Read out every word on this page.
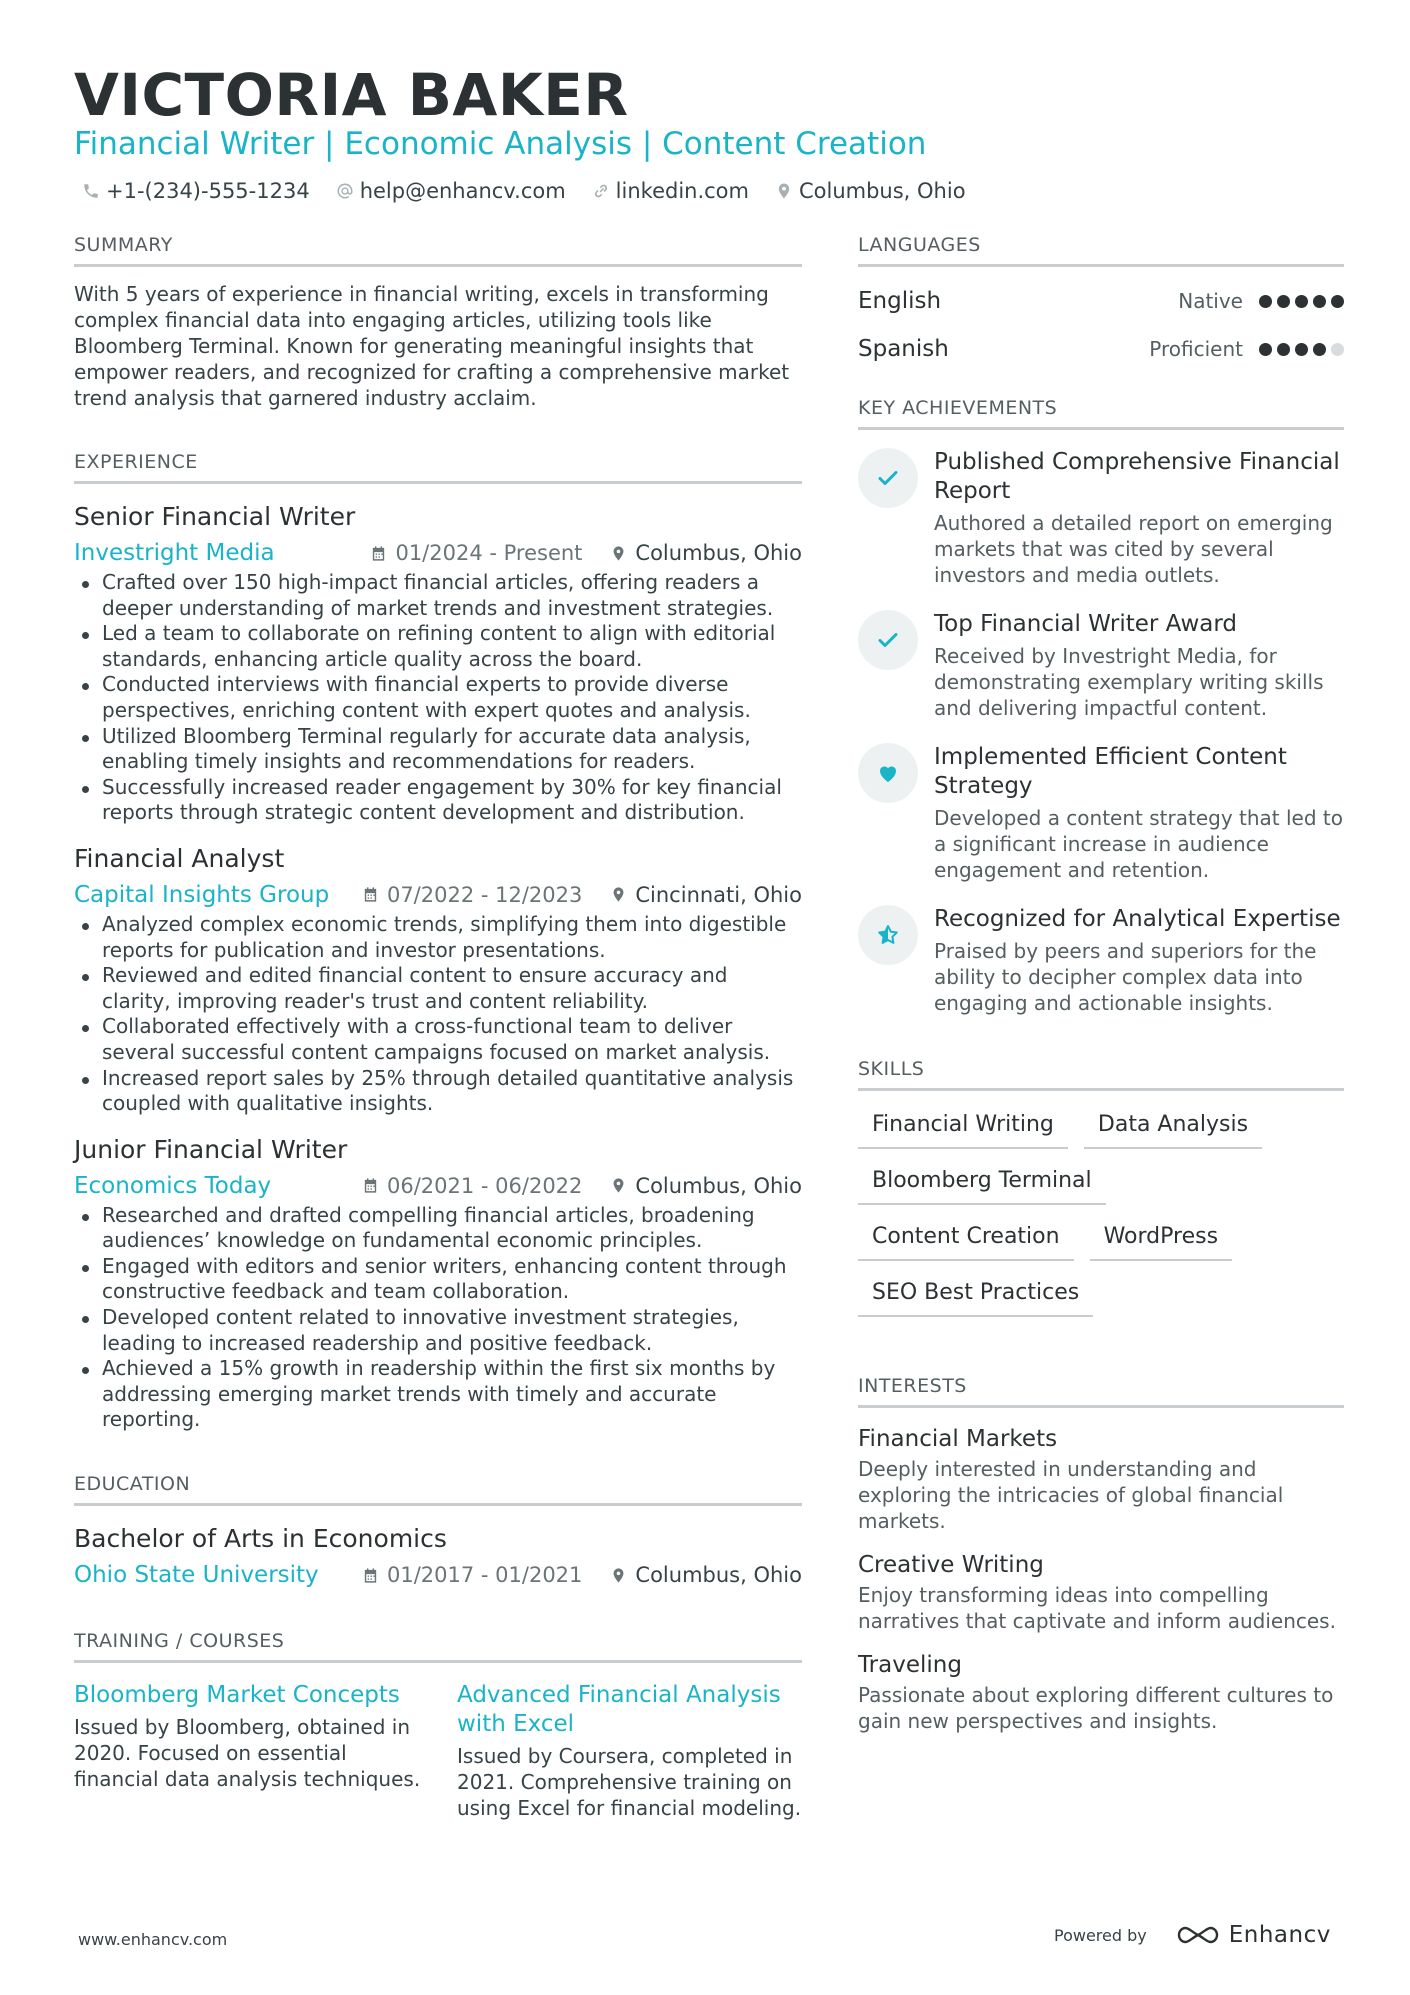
VICTORIA BAKER
Financial Writer | Economic Analysis | Content Creation
+1-(234)-555-1234 help@enhancv.com linkedin.com Columbus, Ohio
SUMMARY
With 5 years of experience in financial writing, excels in transforming complex financial data into engaging articles, utilizing tools like Bloomberg Terminal. Known for generating meaningful insights that empower readers, and recognized for crafting a comprehensive market trend analysis that garnered industry acclaim.
EXPERIENCE
Senior Financial Writer
Investright Media	01/2024 - Present	Columbus, Ohio
Crafted over 150 high-impact financial articles, offering readers a deeper understanding of market trends and investment strategies.
Led a team to collaborate on refining content to align with editorial standards, enhancing article quality across the board.
Conducted interviews with financial experts to provide diverse perspectives, enriching content with expert quotes and analysis.
Utilized Bloomberg Terminal regularly for accurate data analysis, enabling timely insights and recommendations for readers.
Successfully increased reader engagement by 30% for key financial reports through strategic content development and distribution.
Financial Analyst
Capital Insights Group	07/2022 - 12/2023	Cincinnati, Ohio
Analyzed complex economic trends, simplifying them into digestible reports for publication and investor presentations.
Reviewed and edited financial content to ensure accuracy and clarity, improving reader's trust and content reliability.
Collaborated effectively with a cross-functional team to deliver several successful content campaigns focused on market analysis.
Increased report sales by 25% through detailed quantitative analysis coupled with qualitative insights.
Junior Financial Writer
Economics Today	06/2021 - 06/2022	Columbus, Ohio
Researched and drafted compelling financial articles, broadening audiences’ knowledge on fundamental economic principles.
Engaged with editors and senior writers, enhancing content through constructive feedback and team collaboration.
Developed content related to innovative investment strategies, leading to increased readership and positive feedback.
Achieved a 15% growth in readership within the first six months by addressing emerging market trends with timely and accurate reporting.
EDUCATION
Bachelor of Arts in Economics
Ohio State University	01/2017 - 01/2021	Columbus, Ohio
TRAINING / COURSES
Bloomberg Market Concepts
Issued by Bloomberg, obtained in 2020. Focused on essential financial data analysis techniques.
Advanced Financial Analysis with Excel
Issued by Coursera, completed in 2021. Comprehensive training on using Excel for financial modeling.
LANGUAGES
English	Native
Spanish	Proficient
KEY ACHIEVEMENTS
Published Comprehensive Financial Report
Authored a detailed report on emerging markets that was cited by several investors and media outlets.
Top Financial Writer Award
Received by Investright Media, for demonstrating exemplary writing skills and delivering impactful content.
Implemented Efficient Content Strategy
Developed a content strategy that led to a significant increase in audience engagement and retention.
Recognized for Analytical Expertise
Praised by peers and superiors for the ability to decipher complex data into engaging and actionable insights.
SKILLS
Financial Writing	Data Analysis
Bloomberg Terminal
Content Creation	WordPress
SEO Best Practices
INTERESTS
Financial Markets
Deeply interested in understanding and exploring the intricacies of global financial markets.
Creative Writing
Enjoy transforming ideas into compelling narratives that captivate and inform audiences.
Traveling
Passionate about exploring different cultures to gain new perspectives and insights.
www.enhancv.com	Powered by	Enhancv
